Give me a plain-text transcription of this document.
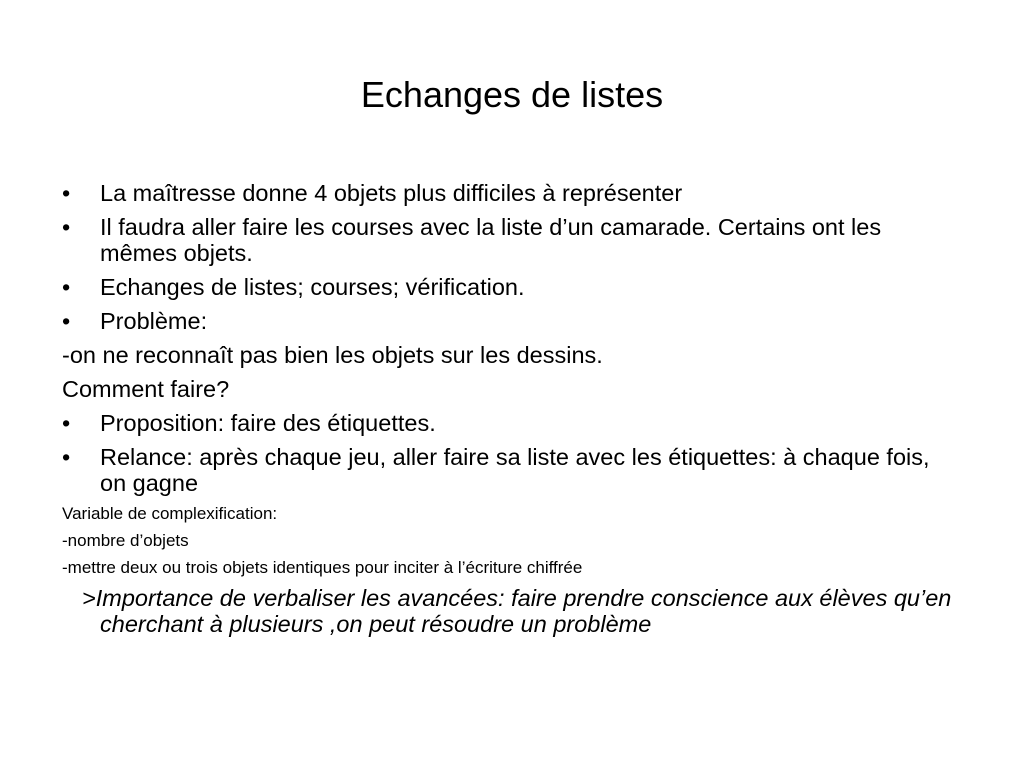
Echanges de listes
•	La maîtresse donne 4 objets plus difficiles à représenter
•	Il faudra aller faire les courses avec la liste d’un camarade. Certains ont les mêmes objets.
•	Echanges de listes; courses; vérification.
•	Problème:
-on ne reconnaît pas bien les objets sur les dessins.
Comment faire?
•	Proposition: faire des étiquettes.
•	Relance: après chaque jeu, aller faire sa liste avec les étiquettes: à chaque fois, on gagne
Variable de complexification:
-nombre d’objets
-mettre deux ou trois objets identiques pour inciter à l’écriture chiffrée
>Importance de verbaliser les avancées: faire prendre conscience aux élèves qu’en cherchant à plusieurs ,on peut résoudre un problème
